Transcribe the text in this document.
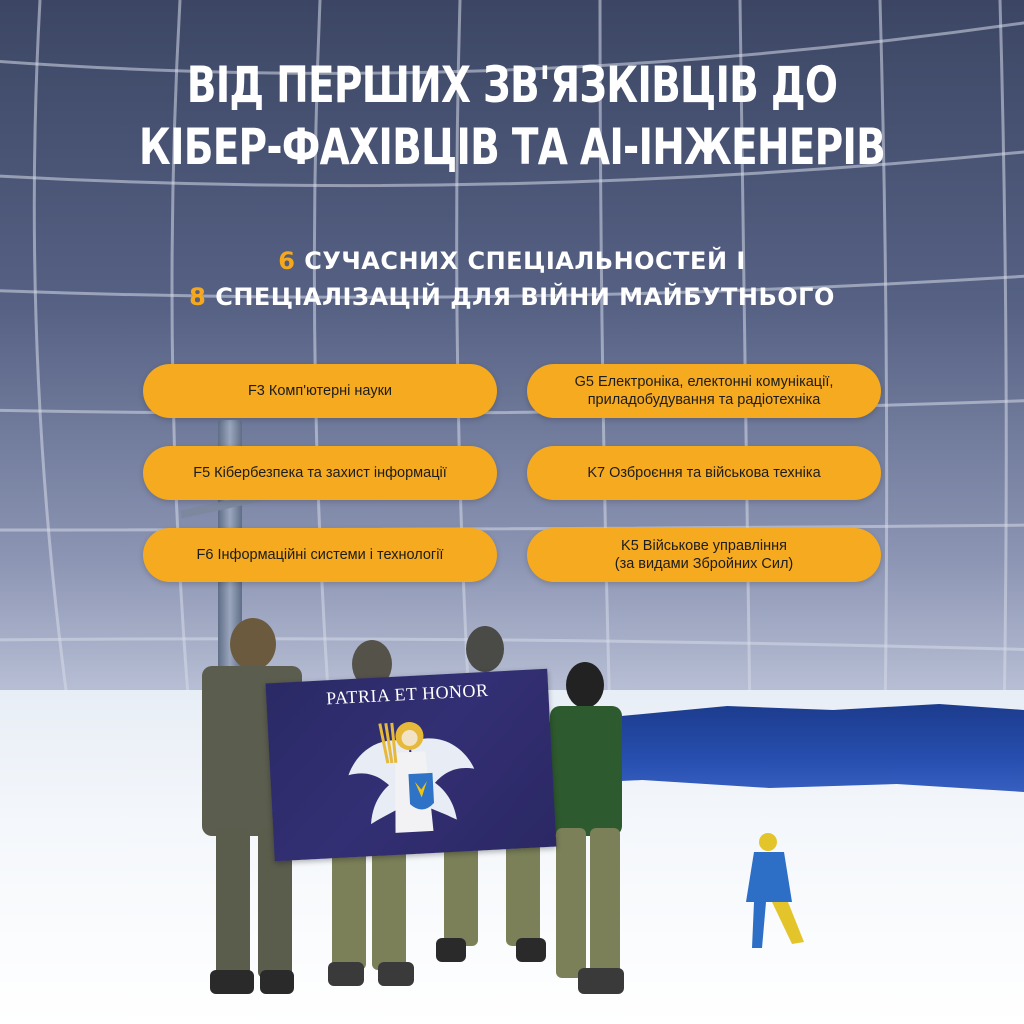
ВІД ПЕРШИХ ЗВ'ЯЗКІВЦІВ ДО
КІБЕР-ФАХІВЦІВ ТА AI-ІНЖЕНЕРІВ
6 СУЧАСНИХ СПЕЦІАЛЬНОСТЕЙ І
8 СПЕЦІАЛІЗАЦІЙ ДЛЯ ВІЙНИ МАЙБУТНЬОГО
F3 Комп'ютерні науки
F5 Кібербезпека та захист інформації
F6 Інформаційні системи і технології
G5 Електроніка, електонні комунікації,
приладобудування та радіотехніка
K7 Озброєння та військова техніка
K5 Військове управління
(за видами Збройних Сил)
PATRIA ET HONOR
